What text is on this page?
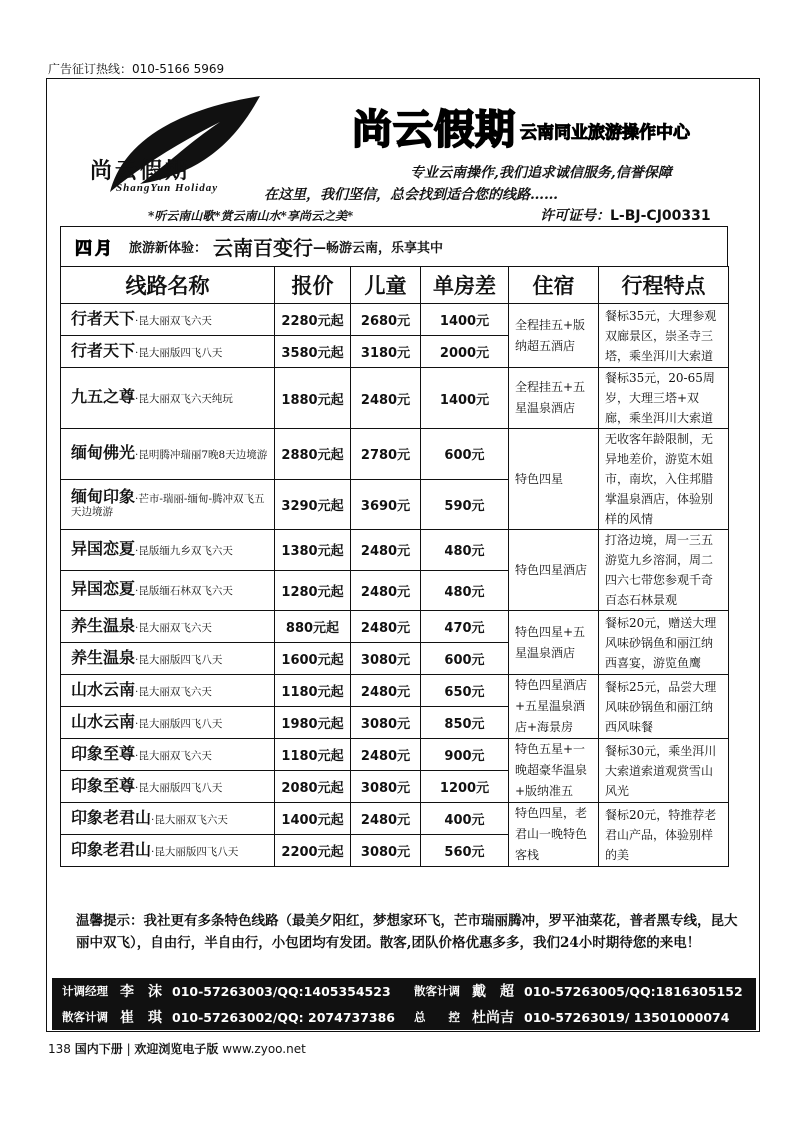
广告征订热线：010-5166 5969
尚云假期
ShangYun Holiday
尚云假期 云南同业旅游操作中心
专业云南操作,我们追求诚信服务,信誉保障
在这里，我们坚信，总会找到适合您的线路……
*听云南山歌*赏云南山水*享尚云之美*	许可证号：L-BJ-CJ00331
四月 旅游新体验： 云南百变行 —畅游云南，乐享其中
线路名称	报价	儿童	单房差	住宿	行程特点
行者天下·昆大丽双飞六天	2280元起	2680元	1400元	全程挂五+版纳超五酒店	餐标35元，大理参观双廊景区，崇圣寺三塔，乘坐洱川大索道
行者天下·昆大丽版四飞八天	3580元起	3180元	2000元		
九五之尊·昆大丽双飞六天纯玩	1880元起	2480元	1400元	全程挂五+五星温泉酒店	餐标35元，20-65周岁，大理三塔+双廊，乘坐洱川大索道
缅甸佛光·昆明腾冲瑞丽7晚8天边境游	2880元起	2780元	600元	特色四星	无收客年龄限制，无异地差价，游览木姐市，南坎，入住邦腊掌温泉酒店，体验别样的风情
缅甸印象·芒市-瑞丽-缅甸-腾冲双飞五天边境游	3290元起	3690元	590元		
异国恋夏·昆版缅九乡双飞六天	1380元起	2480元	480元	特色四星酒店	打洛边境，周一三五游览九乡溶洞，周二四六七带您参观千奇百态石林景观
异国恋夏·昆版缅石林双飞六天	1280元起	2480元	480元		
养生温泉·昆大丽双飞六天	880元起	2480元	470元	特色四星+五星温泉酒店	餐标20元，赠送大理风味砂锅鱼和丽江纳西喜宴，游览鱼鹰
养生温泉·昆大丽版四飞八天	1600元起	3080元	600元		
山水云南·昆大丽双飞六天	1180元起	2480元	650元	特色四星酒店+五星温泉酒店+海景房	餐标25元，品尝大理风味砂锅鱼和丽江纳西风味餐
山水云南·昆大丽版四飞八天	1980元起	3080元	850元		
印象至尊·昆大丽双飞六天	1180元起	2480元	900元	特色五星+一晚超豪华温泉+版纳准五	餐标30元，乘坐洱川大索道索道观赏雪山风光
印象至尊·昆大丽版四飞八天	2080元起	3080元	1200元		
印象老君山·昆大丽双飞六天	1400元起	2480元	400元	特色四星，老君山一晚特色客栈	餐标20元，特推荐老君山产品，体验别样的美
印象老君山·昆大丽版四飞八天	2200元起	3080元	560元		
温馨提示：我社更有多条特色线路（最美夕阳红，梦想家环飞，芒市瑞丽腾冲，罗平油菜花，普者黑专线，昆大丽中双飞），自由行，半自由行，小包团均有发团。散客,团队价格优惠多多，我们24小时期待您的来电！
计调经理 李　沫 010-57263003/QQ:1405354523 散客计调 戴　超 010-57263005/QQ:1816305152
散客计调 崔　琪 010-57263002/QQ: 2074737386 总　　控 杜尚吉 010-57263019/ 13501000074
138 国内下册 | 欢迎浏览电子版 www.zyoo.net
